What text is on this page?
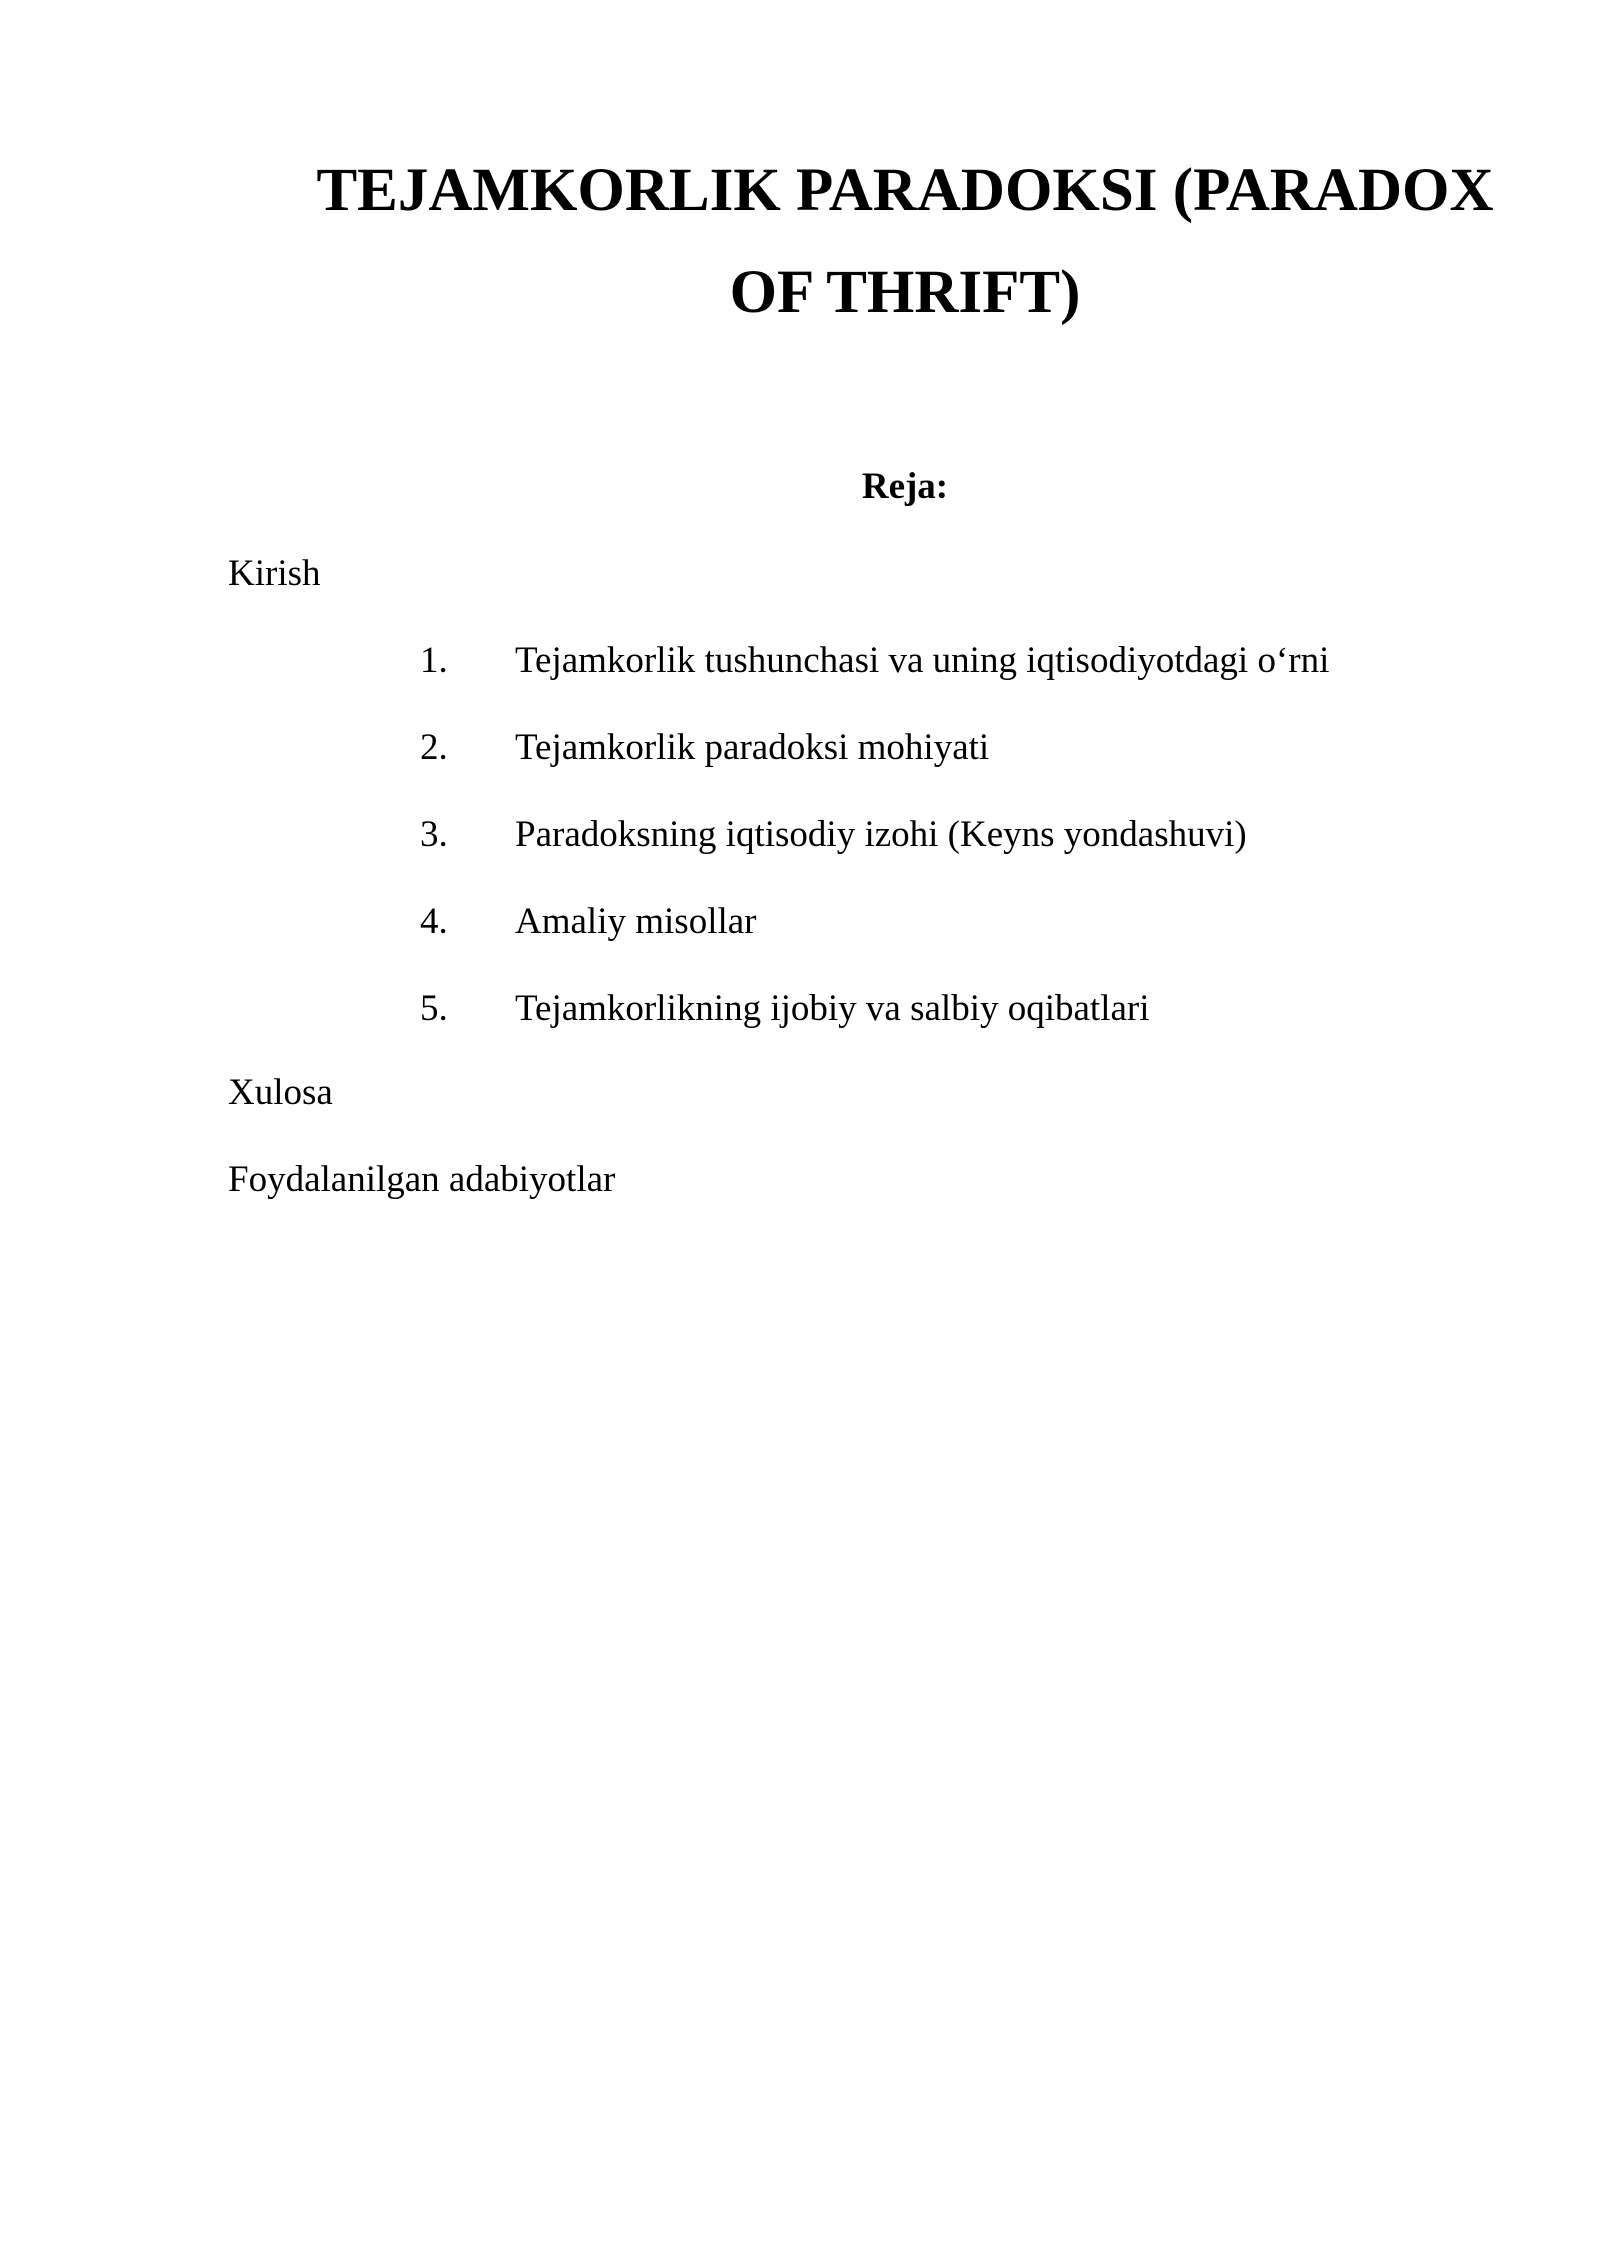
TEJAMKORLIK PARADOKSI (PARADOX
OF THRIFT)
Reja:
Kirish
1. Tejamkorlik tushunchasi va uning iqtisodiyotdagi o‘rni
2. Tejamkorlik paradoksi mohiyati
3. Paradoksning iqtisodiy izohi (Keyns yondashuvi)
4. Amaliy misollar
5. Tejamkorlikning ijobiy va salbiy oqibatlari
Xulosa
Foydalanilgan adabiyotlar
